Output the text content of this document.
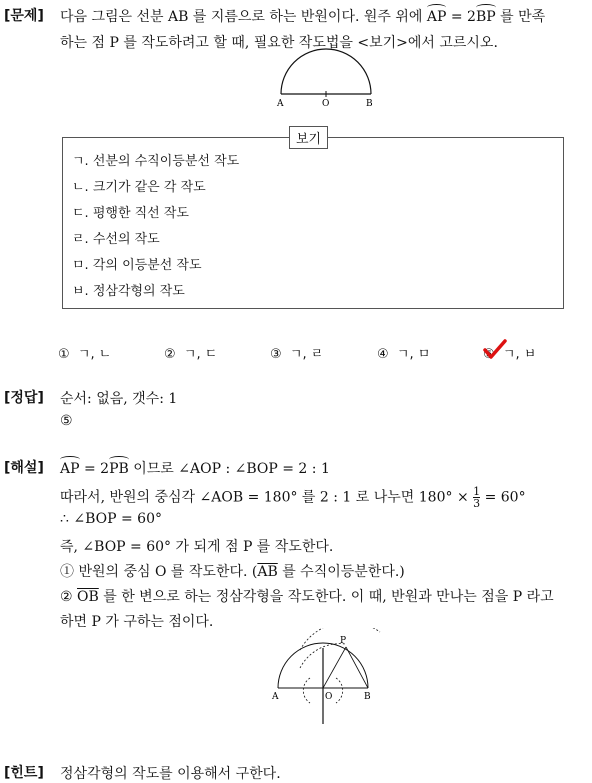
[문제] 다음 그림은 선분 AB 를 지름으로 하는 반원이다. 원주 위에 AP = 2BP 를 만족
하는 점 P 를 작도하려고 할 때, 필요한 작도법을 <보기>에서 고르시오.
A	O	B
보기
ㄱ. 선분의 수직이등분선 작도
ㄴ. 크기가 같은 각 작도
ㄷ. 평행한 직선 작도
ㄹ. 수선의 작도
ㅁ. 각의 이등분선 작도
ㅂ. 정삼각형의 작도
① ㄱ, ㄴ	② ㄱ, ㄷ	③ ㄱ, ㄹ	④ ㄱ, ㅁ	⑤ ㄱ, ㅂ
[정답] 순서: 없음, 갯수: 1
⑤
[해설] AP = 2PB 이므로 ∠AOP : ∠BOP = 2 : 1
따라서, 반원의 중심각 ∠AOB = 180° 를 2 : 1 로 나누면 $180^\circ \times \frac{1}{3} = 60^\circ$
∴ ∠BOP = 60°
즉, ∠BOP = 60° 가 되게 점 P 를 작도한다.
① 반원의 중심 O 를 작도한다. ($\overline{AB}$ 를 수직이등분한다.)
② $\overline{OB}$ 를 한 변으로 하는 정삼각형을 작도한다. 이 때, 반원과 만나는 점을 P 라고
하면 P 가 구하는 점이다.
A	O	B
P
[힌트] 정삼각형의 작도를 이용해서 구한다.
